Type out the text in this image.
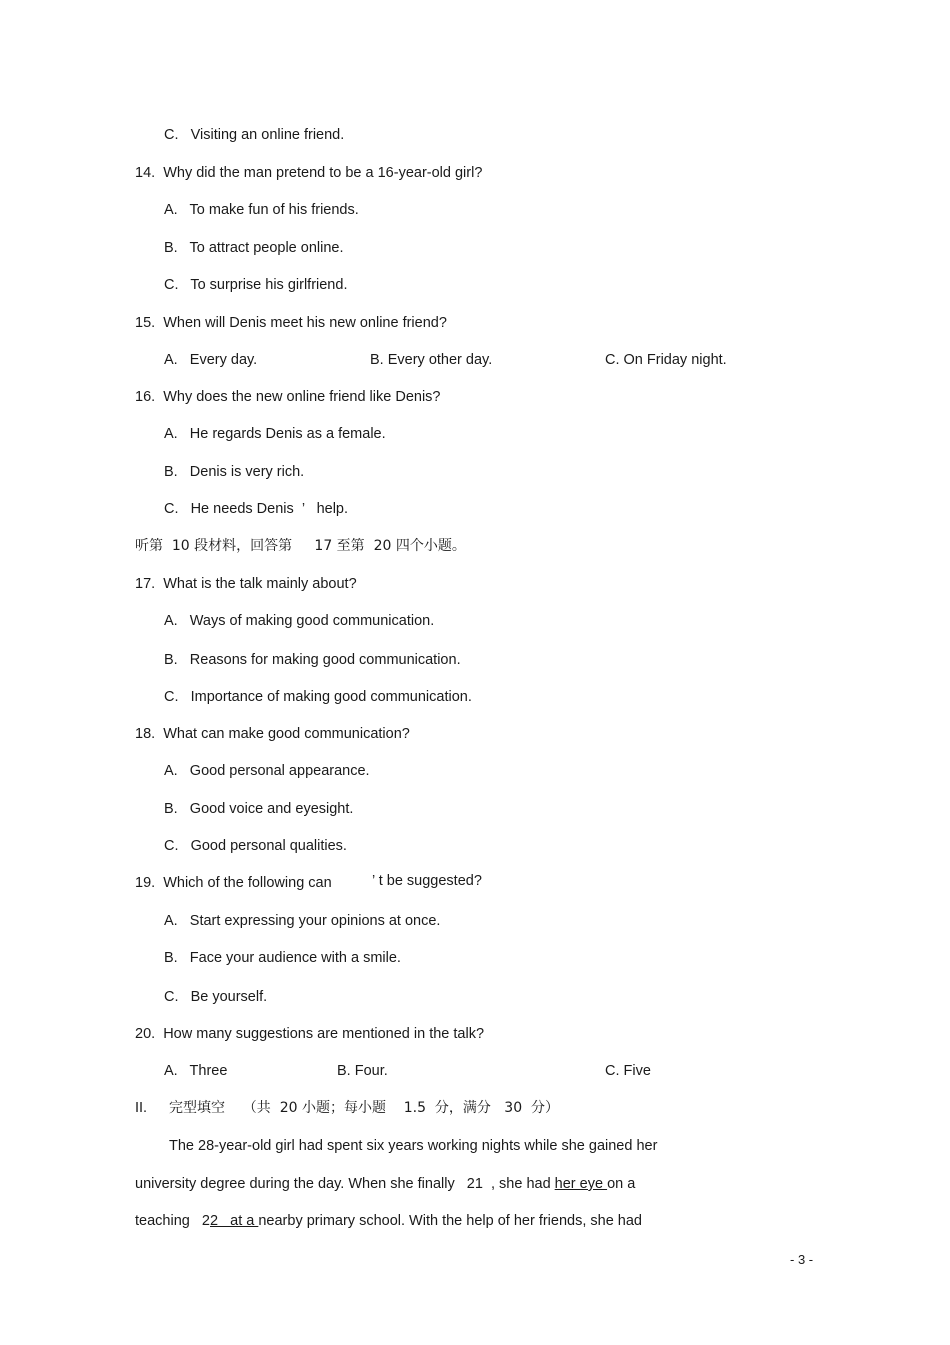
C.   Visiting an online friend.
14.  Why did the man pretend to be a 16-year-old girl?
A.   To make fun of his friends.
B.   To attract people online.
C.   To surprise his girlfriend.
15.  When will Denis meet his new online friend?
A.   Every day.	B. Every other day.	C. On Friday night.
16.  Why does the new online friend like Denis?
A.   He regards Denis as a female.
B.   Denis is very rich.
C.   He needs Denis  ’   help.
听第  10 段材料，回答第     17 至第  20 四个小题。
17.  What is the talk mainly about?
A.   Ways of making good communication.
B.   Reasons for making good communication.
C.   Importance of making good communication.
18.  What can make good communication?
A.   Good personal appearance.
B.   Good voice and eyesight.
C.   Good personal qualities.
19.  Which of the following can	’ t be suggested?
A.   Start expressing your opinions at once.
B.   Face your audience with a smile.
C.   Be yourself.
20.  How many suggestions are mentioned in the talk?
A.   Three	B. Four.	C. Five
II. 完型填空    （共  20 小题；每小题    1.5  分，满分   30  分）
The 28-year-old girl had spent six years working nights while she gained her
university degree during the day. When she finally   21  , she had her eye on a
teaching   22   at a nearby primary school. With the help of her friends, she had
- 3 -
